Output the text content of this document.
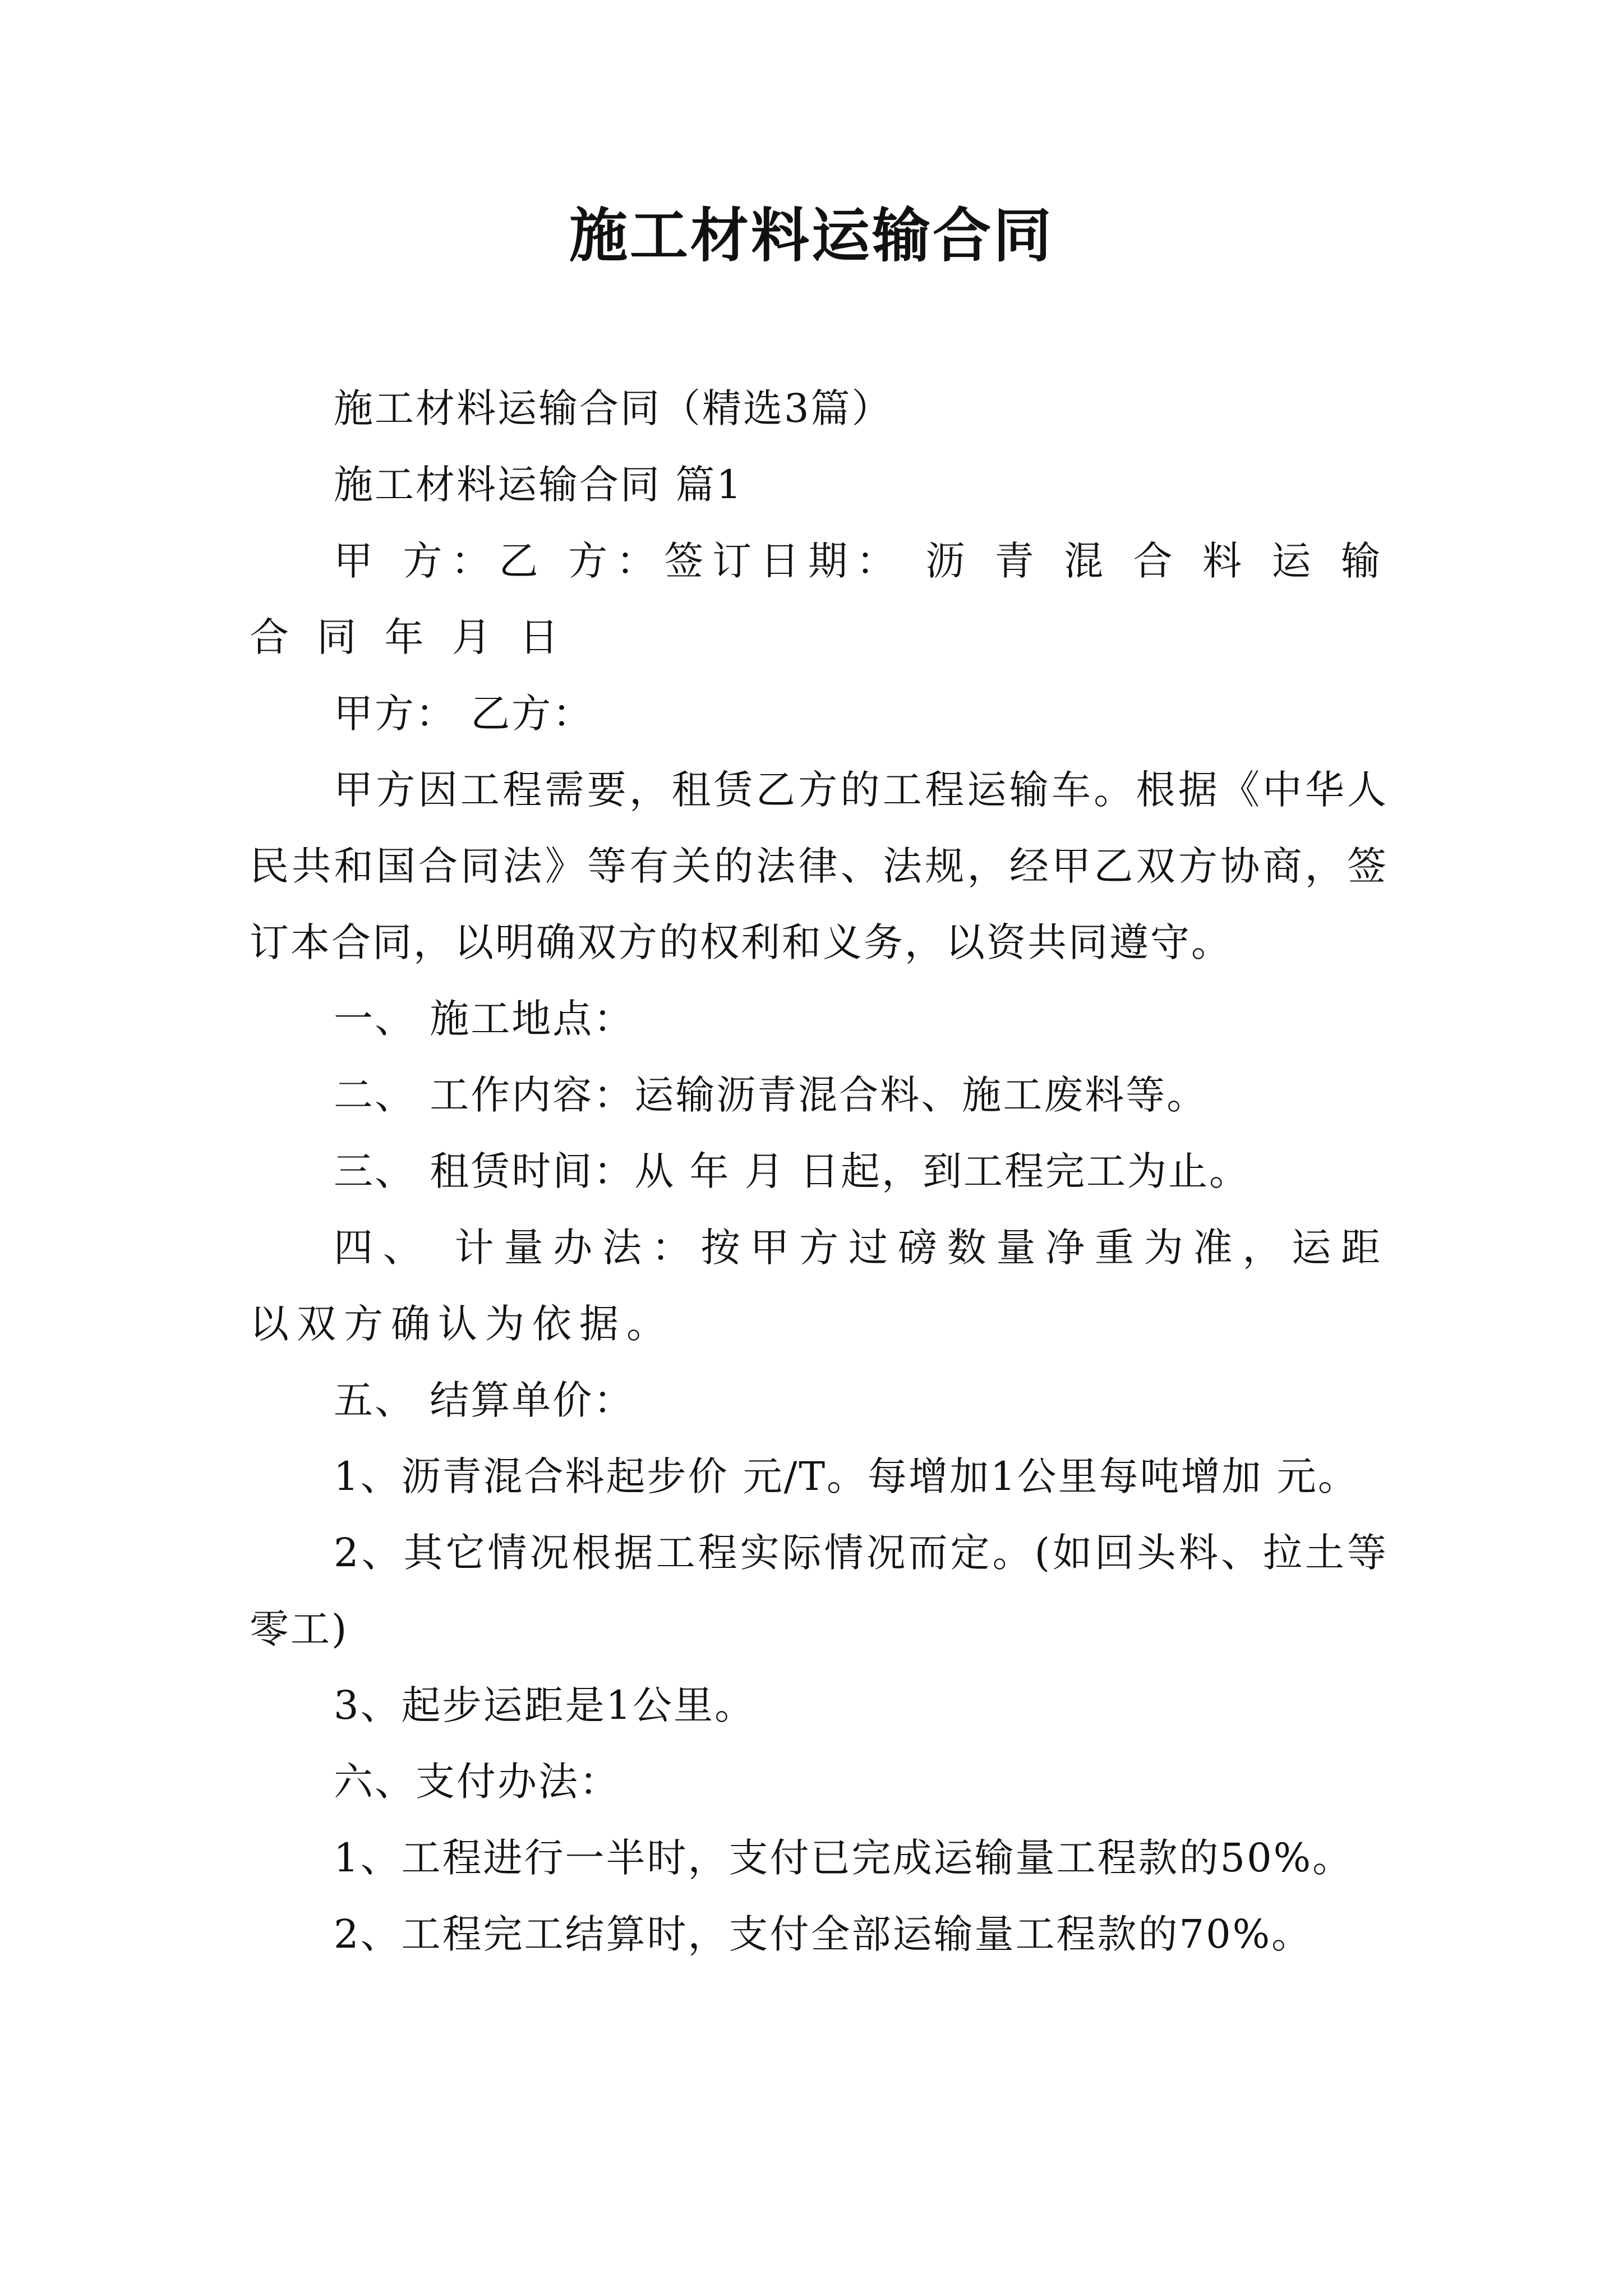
施工材料运输合同

施工材料运输合同（精选3篇）

施工材料运输合同 篇1

甲 方：乙 方：签订日期： 沥 青 混 合 料 运 输 合 同 年 月 日

甲方： 乙方：

甲方因工程需要，租赁乙方的工程运输车。根据《中华人民共和国合同法》等有关的法律、法规，经甲乙双方协商，签订本合同，以明确双方的权利和义务，以资共同遵守。

一、 施工地点：

二、 工作内容：运输沥青混合料、施工废料等。

三、 租赁时间：从 年 月 日起，到工程完工为止。

四、 计量办法：按甲方过磅数量净重为准，运距以双方确认为依据。

五、 结算单价：

1、沥青混合料起步价 元/T。每增加1公里每吨增加 元。

2、其它情况根据工程实际情况而定。(如回头料、拉土等零工)

3、起步运距是1公里。

六、支付办法：

1、工程进行一半时，支付已完成运输量工程款的50%。

2、工程完工结算时，支付全部运输量工程款的70%。
